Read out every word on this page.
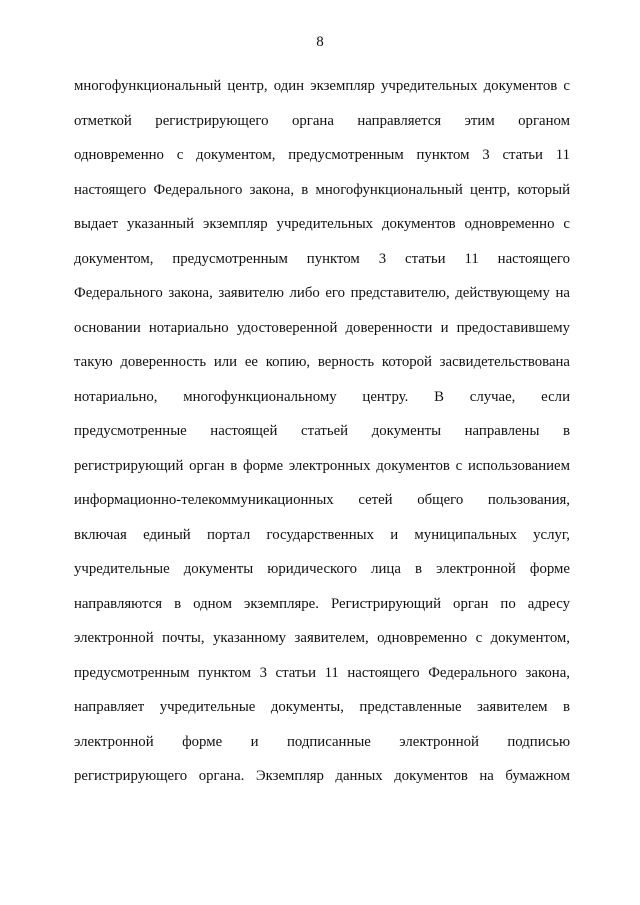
8
многофункциональный центр, один экземпляр учредительных документов с
отметкой регистрирующего органа направляется этим органом
одновременно с документом, предусмотренным пунктом 3 статьи 11
настоящего Федерального закона, в многофункциональный центр, который
выдает указанный экземпляр учредительных документов одновременно с
документом, предусмотренным пунктом 3 статьи 11 настоящего
Федерального закона, заявителю либо его представителю, действующему на
основании нотариально удостоверенной доверенности и предоставившему
такую доверенность или ее копию, верность которой засвидетельствована
нотариально, многофункциональному центру. В случае, если
предусмотренные настоящей статьей документы направлены в
регистрирующий орган в форме электронных документов с использованием
информационно-телекоммуникационных сетей общего пользования,
включая единый портал государственных и муниципальных услуг,
учредительные документы юридического лица в электронной форме
направляются в одном экземпляре. Регистрирующий орган по адресу
электронной почты, указанному заявителем, одновременно с документом,
предусмотренным пунктом 3 статьи 11 настоящего Федерального закона,
направляет учредительные документы, представленные заявителем в
электронной форме и подписанные электронной подписью
регистрирующего органа. Экземпляр данных документов на бумажном
